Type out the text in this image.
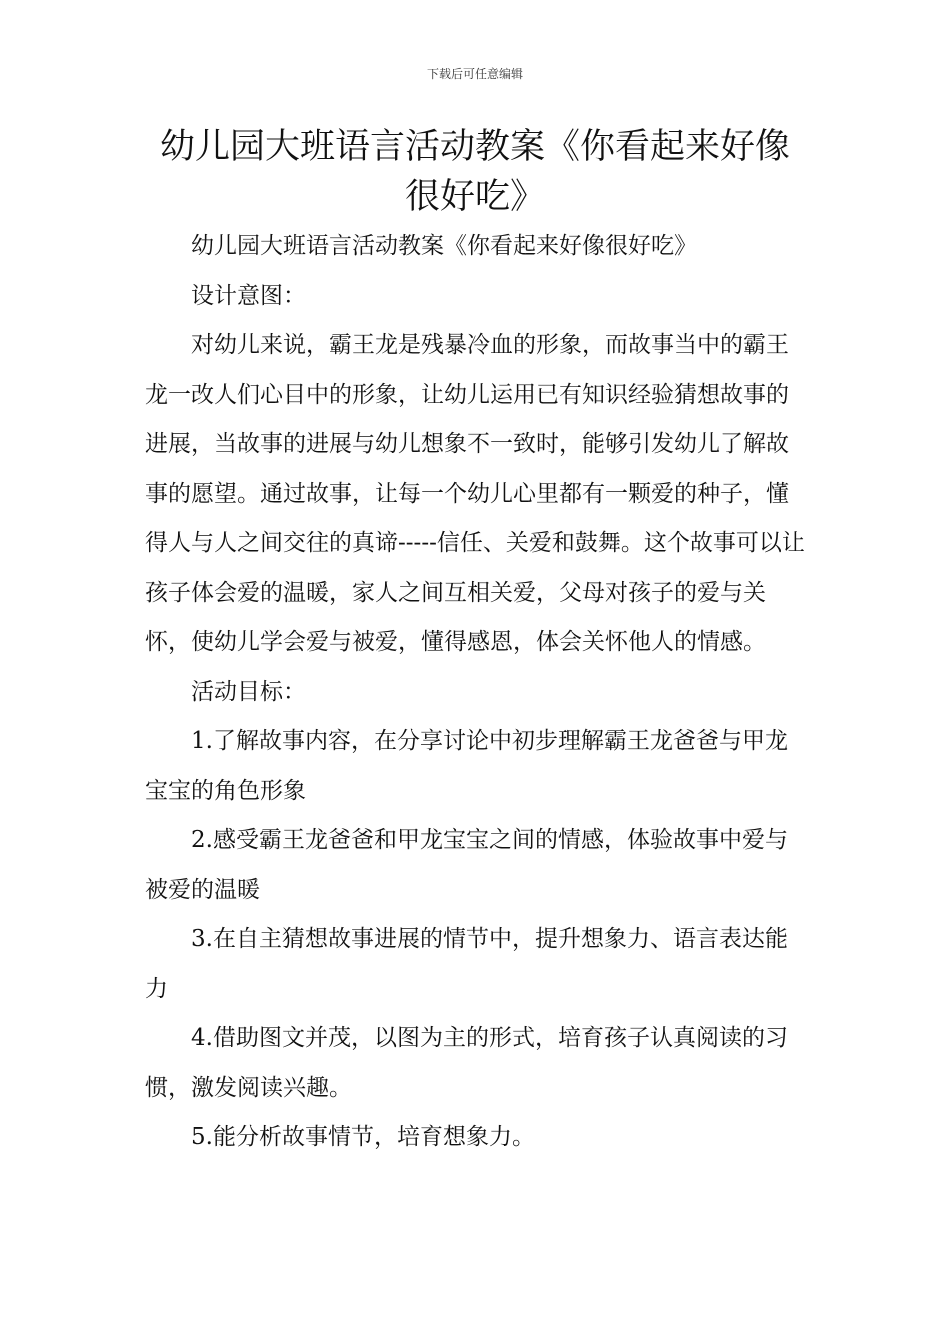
下载后可任意编辑
幼儿园大班语言活动教案《你看起来好像很好吃》

幼儿园大班语言活动教案《你看起来好像很好吃》

设计意图：

对幼儿来说，霸王龙是残暴冷血的形象，而故事当中的霸王龙一改人们心目中的形象，让幼儿运用已有知识经验猜想故事的进展，当故事的进展与幼儿想象不一致时，能够引发幼儿了解故事的愿望。通过故事，让每一个幼儿心里都有一颗爱的种子，懂得人与人之间交往的真谛-----信任、关爱和鼓舞。这个故事可以让孩子体会爱的温暖，家人之间互相关爱，父母对孩子的爱与关怀，使幼儿学会爱与被爱，懂得感恩，体会关怀他人的情感。

活动目标：

1.了解故事内容，在分享讨论中初步理解霸王龙爸爸与甲龙宝宝的角色形象

2.感受霸王龙爸爸和甲龙宝宝之间的情感，体验故事中爱与被爱的温暖

3.在自主猜想故事进展的情节中，提升想象力、语言表达能力

4.借助图文并茂，以图为主的形式，培育孩子认真阅读的习惯，激发阅读兴趣。

5.能分析故事情节，培育想象力。
